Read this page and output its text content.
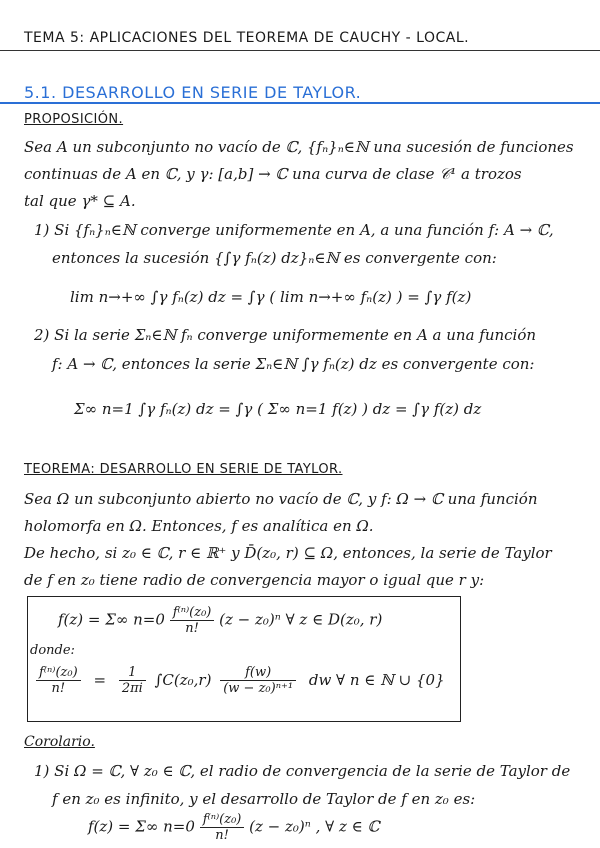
TEMA 5: APLICACIONES DEL TEOREMA DE CAUCHY - LOCAL.
5.1. DESARROLLO EN SERIE DE TAYLOR.
PROPOSICIÓN.
Sea A un subconjunto no vacío de ℂ, {fₙ}ₙ∈ℕ una sucesión de funciones
continuas de A en ℂ, y γ: [a,b] → ℂ una curva de clase 𝒞¹ a trozos
tal que γ* ⊆ A.
1) Si {fₙ}ₙ∈ℕ converge uniformemente en A, a una función f: A → ℂ,
entonces la sucesión {∫γ fₙ(z) dz}ₙ∈ℕ es convergente con:
lim n→+∞ ∫γ fₙ(z) dz = ∫γ ( lim n→+∞ fₙ(z) ) = ∫γ f(z)
2) Si la serie Σₙ∈ℕ fₙ converge uniformemente en A a una función
f: A → ℂ, entonces la serie Σₙ∈ℕ ∫γ fₙ(z) dz es convergente con:
Σ∞ n=1 ∫γ fₙ(z) dz = ∫γ ( Σ∞ n=1 f(z) ) dz = ∫γ f(z) dz
TEOREMA: DESARROLLO EN SERIE DE TAYLOR.
Sea Ω un subconjunto abierto no vacío de ℂ, y f: Ω → ℂ una función
holomorfa en Ω. Entonces, f es analítica en Ω.
De hecho, si z₀ ∈ ℂ, r ∈ ℝ⁺ y D̄(z₀, r) ⊆ Ω, entonces, la serie de Taylor
de f en z₀ tiene radio de convergencia mayor o igual que r y:
f(z) = Σ∞ $n=0 \frac{\text{f⁽ⁿ⁾(z₀)}}{n!} (z - z_0)^n$ ∀ z ∈ D(z₀, r)
donde:
$\frac{\text{f⁽ⁿ⁾(z₀)}}{n!} = \frac{1}{2\pi i} \int C(z_0,r) \frac{f(w)}{\text{(w − z₀)ⁿ⁺¹}}$ dw ∀ n ∈ ℕ ∪ {0}
Corolario.
1) Si Ω = ℂ, ∀ z₀ ∈ ℂ, el radio de convergencia de la serie de Taylor de
f en z₀ es infinito, y el desarrollo de Taylor de f en z₀ es:
f(z) = Σ∞ $n=0 \frac{\text{f⁽ⁿ⁾(z₀)}}{n!} (z - z_0)^n$ , ∀ z ∈ ℂ
